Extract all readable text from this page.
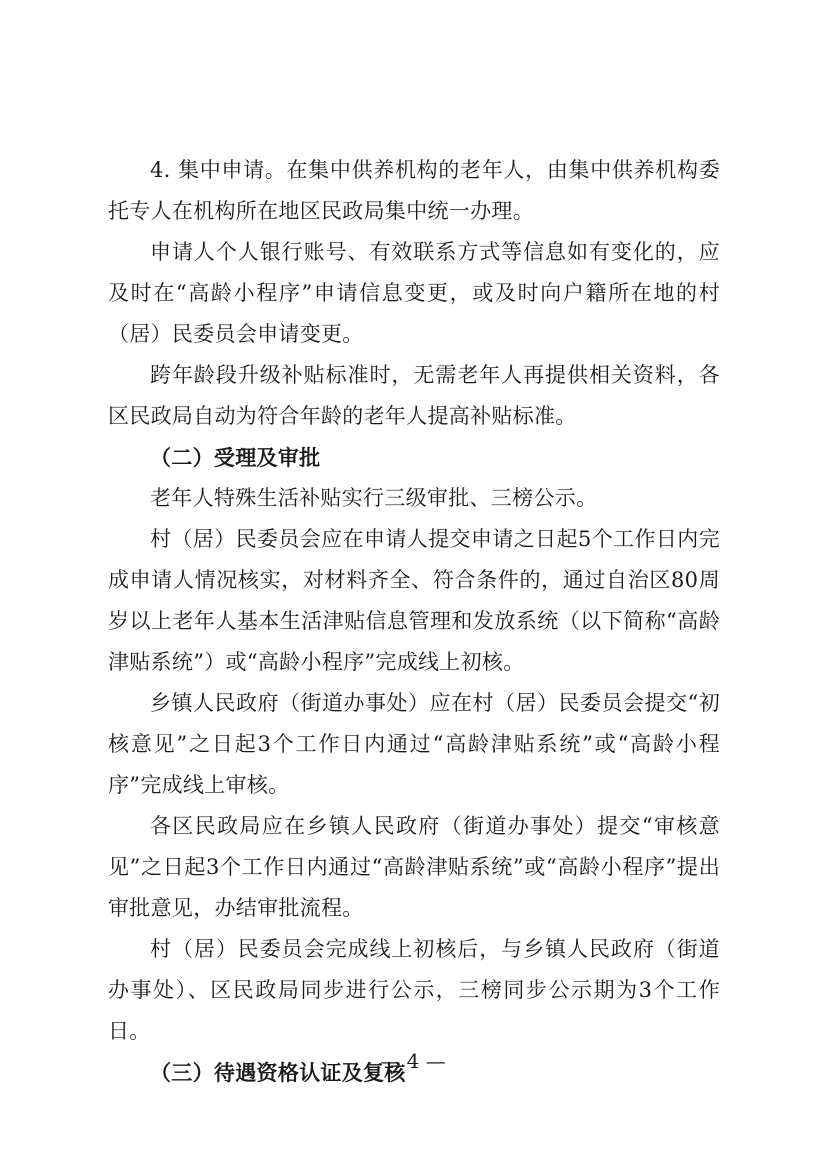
4. 集中申请。在集中供养机构的老年人，由集中供养机构委托专人在机构所在地区民政局集中统一办理。

申请人个人银行账号、有效联系方式等信息如有变化的，应及时在“高龄小程序”申请信息变更，或及时向户籍所在地的村（居）民委员会申请变更。

跨年龄段升级补贴标准时，无需老年人再提供相关资料，各区民政局自动为符合年龄的老年人提高补贴标准。

（二）受理及审批

老年人特殊生活补贴实行三级审批、三榜公示。

村（居）民委员会应在申请人提交申请之日起5个工作日内完成申请人情况核实，对材料齐全、符合条件的，通过自治区80周岁以上老年人基本生活津贴信息管理和发放系统（以下简称“高龄津贴系统”）或“高龄小程序”完成线上初核。

乡镇人民政府（街道办事处）应在村（居）民委员会提交“初核意见”之日起3个工作日内通过“高龄津贴系统”或“高龄小程序”完成线上审核。

各区民政局应在乡镇人民政府（街道办事处）提交“审核意见”之日起3个工作日内通过“高龄津贴系统”或“高龄小程序”提出审批意见，办结审批流程。

村（居）民委员会完成线上初核后，与乡镇人民政府（街道办事处）、区民政局同步进行公示，三榜同步公示期为3个工作日。

（三）待遇资格认证及复核

— 4 —
